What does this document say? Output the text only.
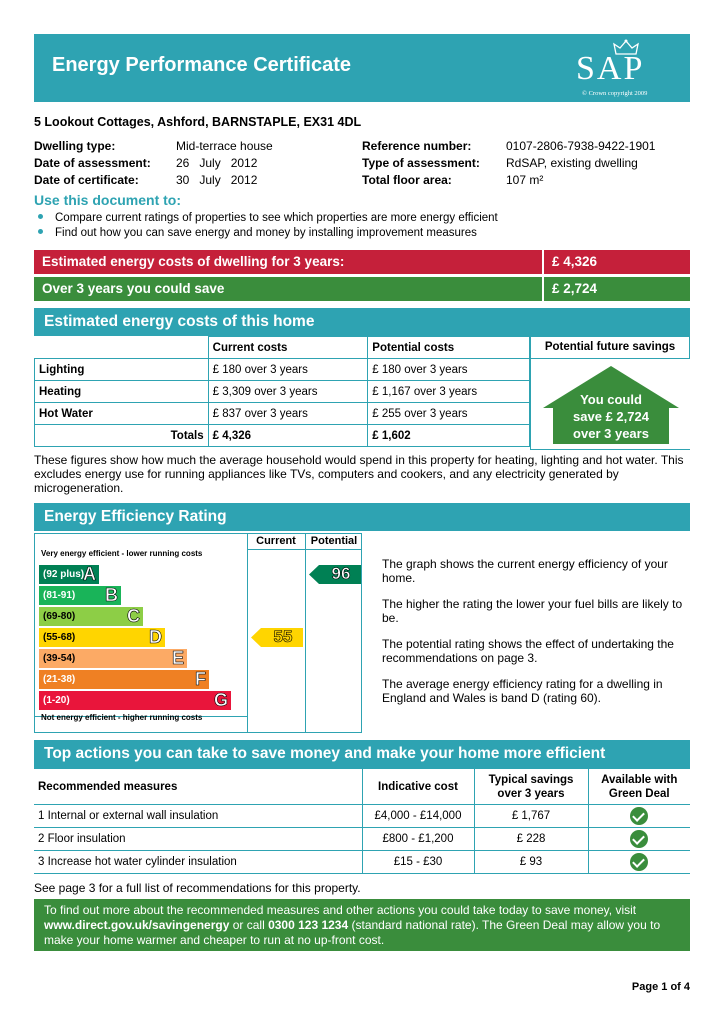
Energy Performance Certificate	SAP
© Crown copyright 2009
5 Lookout Cottages, Ashford, BARNSTAPLE, EX31 4DL
Dwelling type:	Mid-terrace house
Date of assessment: 26   July   2012
Date of certificate:	30   July   2012
Reference number:	0107-2806-7938-9422-1901
Type of assessment: RdSAP, existing dwelling
Total floor area:	107 m²
Use this document to:
Compare current ratings of properties to see which properties are more energy efficient
Find out how you can save energy and money by installing improvement measures
Estimated energy costs of dwelling for 3 years:	£ 4,326
Over 3 years you could save	£ 2,724
Estimated energy costs of this home
	Current costs	Potential costs
Lighting	£ 180 over 3 years	£ 180 over 3 years
Heating	£ 3,309 over 3 years	£ 1,167 over 3 years
Hot Water	£ 837 over 3 years	£ 255 over 3 years
Totals	£ 4,326	£ 1,602
Potential future savings
You could
save £ 2,724
over 3 years
These figures show how much the average household would spend in this property for heating, lighting and hot water. This excludes energy use for running appliances like TVs, computers and cookers, and any electricity generated by microgeneration.
Energy Efficiency Rating
Current	Potential
Very energy efficient - lower running costs
Not energy efficient - higher running costs
(92 plus)
A
(81-91) B
(69-80)	C
(55-68)	D
(39-54)	E
(21-38)	F
(1-20)	G
55
96	The graph shows the current energy efficiency of your home.

The higher the rating the lower your fuel bills are likely to be.

The potential rating shows the effect of undertaking the recommendations on page 3.

The average energy efficiency rating for a dwelling in England and Wales is band D (rating 60).

Top actions you can take to save money and make your home more efficient
Recommended measures	Indicative cost	Typical savings over 3 years	Available with Green Deal
1 Internal or external wall insulation	£4,000 - £14,000	£ 1,767	
2 Floor insulation	£800 - £1,200	£ 228	
3 Increase hot water cylinder insulation	£15 - £30	£ 93	
See page 3 for a full list of recommendations for this property.
To find out more about the recommended measures and other actions you could take today to save money, visit www.direct.gov.uk/savingenergy or call 0300 123 1234 (standard national rate). The Green Deal may allow you to make your home warmer and cheaper to run at no up-front cost.
Page 1 of 4
